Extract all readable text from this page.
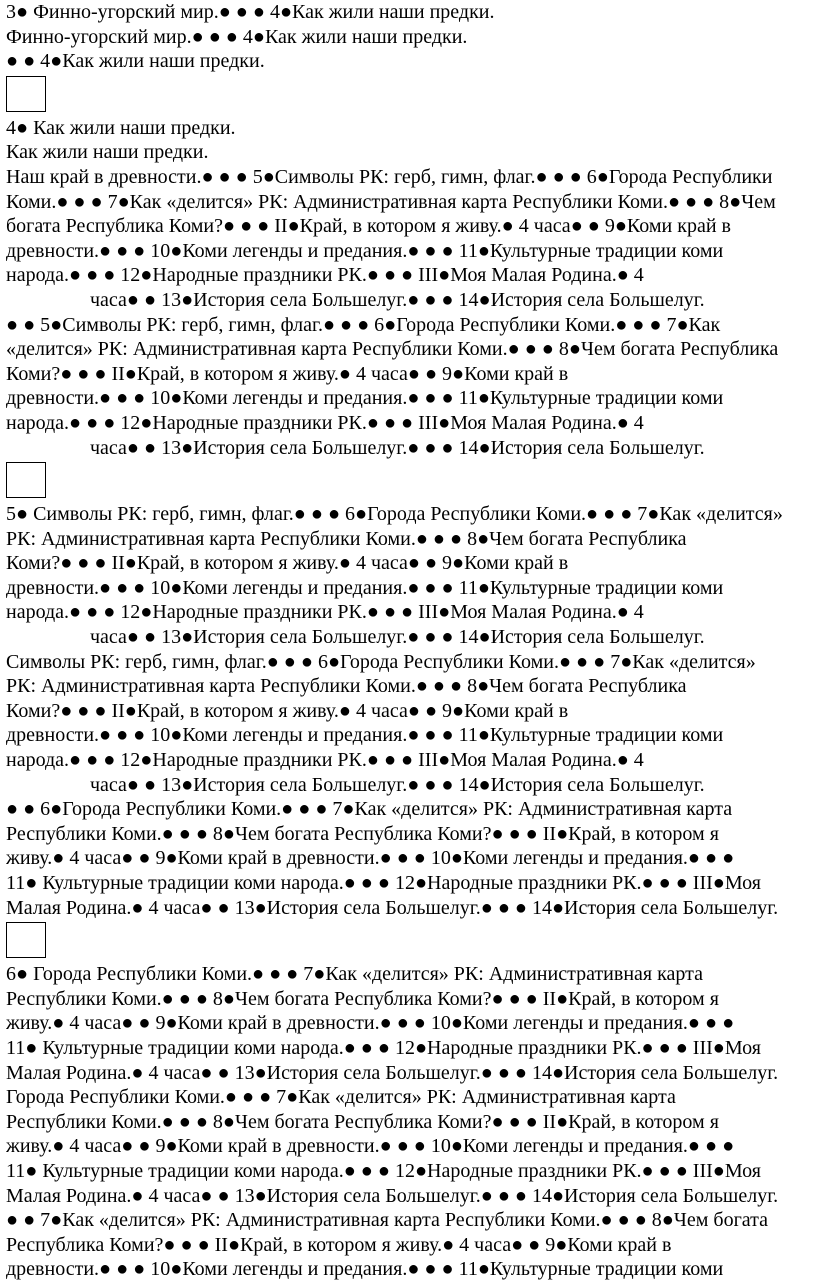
3● Финно-угорский мир.● ● ● 4●Как жили наши предки.
Финно-угорский мир.● ● ● 4●Как жили наши предки.
● ● 4●Как жили наши предки.
4● Как жили наши предки.
Как жили наши предки.
Наш край в древности.● ● ● 5●Символы РК: герб, гимн, флаг.● ● ● 6●Города Республики
Коми.● ● ● 7●Как «делится» РК: Административная карта Республики Коми.● ● ● 8●Чем
богата Республика Коми?● ● ● II●Край, в котором я живу.● 4 часа● ● 9●Коми край в
древности.● ● ● 10●Коми легенды и предания.● ● ● 11●Культурные традиции коми
народа.● ● ● 12●Народные праздники РК.● ● ● III●Моя Малая Родина.● 4
часа● ● 13●История села Большелуг.● ● ● 14●История села Большелуг.
● ● 5●Символы РК: герб, гимн, флаг.● ● ● 6●Города Республики Коми.● ● ● 7●Как
«делится» РК: Административная карта Республики Коми.● ● ● 8●Чем богата Республика
Коми?● ● ● II●Край, в котором я живу.● 4 часа● ● 9●Коми край в
древности.● ● ● 10●Коми легенды и предания.● ● ● 11●Культурные традиции коми
народа.● ● ● 12●Народные праздники РК.● ● ● III●Моя Малая Родина.● 4
часа● ● 13●История села Большелуг.● ● ● 14●История села Большелуг.
5● Символы РК: герб, гимн, флаг.● ● ● 6●Города Республики Коми.● ● ● 7●Как «делится»
РК: Административная карта Республики Коми.● ● ● 8●Чем богата Республика
Коми?● ● ● II●Край, в котором я живу.● 4 часа● ● 9●Коми край в
древности.● ● ● 10●Коми легенды и предания.● ● ● 11●Культурные традиции коми
народа.● ● ● 12●Народные праздники РК.● ● ● III●Моя Малая Родина.● 4
часа● ● 13●История села Большелуг.● ● ● 14●История села Большелуг.
Символы РК: герб, гимн, флаг.● ● ● 6●Города Республики Коми.● ● ● 7●Как «делится»
РК: Административная карта Республики Коми.● ● ● 8●Чем богата Республика
Коми?● ● ● II●Край, в котором я живу.● 4 часа● ● 9●Коми край в
древности.● ● ● 10●Коми легенды и предания.● ● ● 11●Культурные традиции коми
народа.● ● ● 12●Народные праздники РК.● ● ● III●Моя Малая Родина.● 4
часа● ● 13●История села Большелуг.● ● ● 14●История села Большелуг.
● ● 6●Города Республики Коми.● ● ● 7●Как «делится» РК: Административная карта
Республики Коми.● ● ● 8●Чем богата Республика Коми?● ● ● II●Край, в котором я
живу.● 4 часа● ● 9●Коми край в древности.● ● ● 10●Коми легенды и предания.● ● ●
11● Культурные традиции коми народа.● ● ● 12●Народные праздники РК.● ● ● III●Моя
Малая Родина.● 4 часа● ● 13●История села Большелуг.● ● ● 14●История села Большелуг.
6● Города Республики Коми.● ● ● 7●Как «делится» РК: Административная карта
Республики Коми.● ● ● 8●Чем богата Республика Коми?● ● ● II●Край, в котором я
живу.● 4 часа● ● 9●Коми край в древности.● ● ● 10●Коми легенды и предания.● ● ●
11● Культурные традиции коми народа.● ● ● 12●Народные праздники РК.● ● ● III●Моя
Малая Родина.● 4 часа● ● 13●История села Большелуг.● ● ● 14●История села Большелуг.
Города Республики Коми.● ● ● 7●Как «делится» РК: Административная карта
Республики Коми.● ● ● 8●Чем богата Республика Коми?● ● ● II●Край, в котором я
живу.● 4 часа● ● 9●Коми край в древности.● ● ● 10●Коми легенды и предания.● ● ●
11● Культурные традиции коми народа.● ● ● 12●Народные праздники РК.● ● ● III●Моя
Малая Родина.● 4 часа● ● 13●История села Большелуг.● ● ● 14●История села Большелуг.
● ● 7●Как «делится» РК: Административная карта Республики Коми.● ● ● 8●Чем богата
Республика Коми?● ● ● II●Край, в котором я живу.● 4 часа● ● 9●Коми край в
древности.● ● ● 10●Коми легенды и предания.● ● ● 11●Культурные традиции коми
